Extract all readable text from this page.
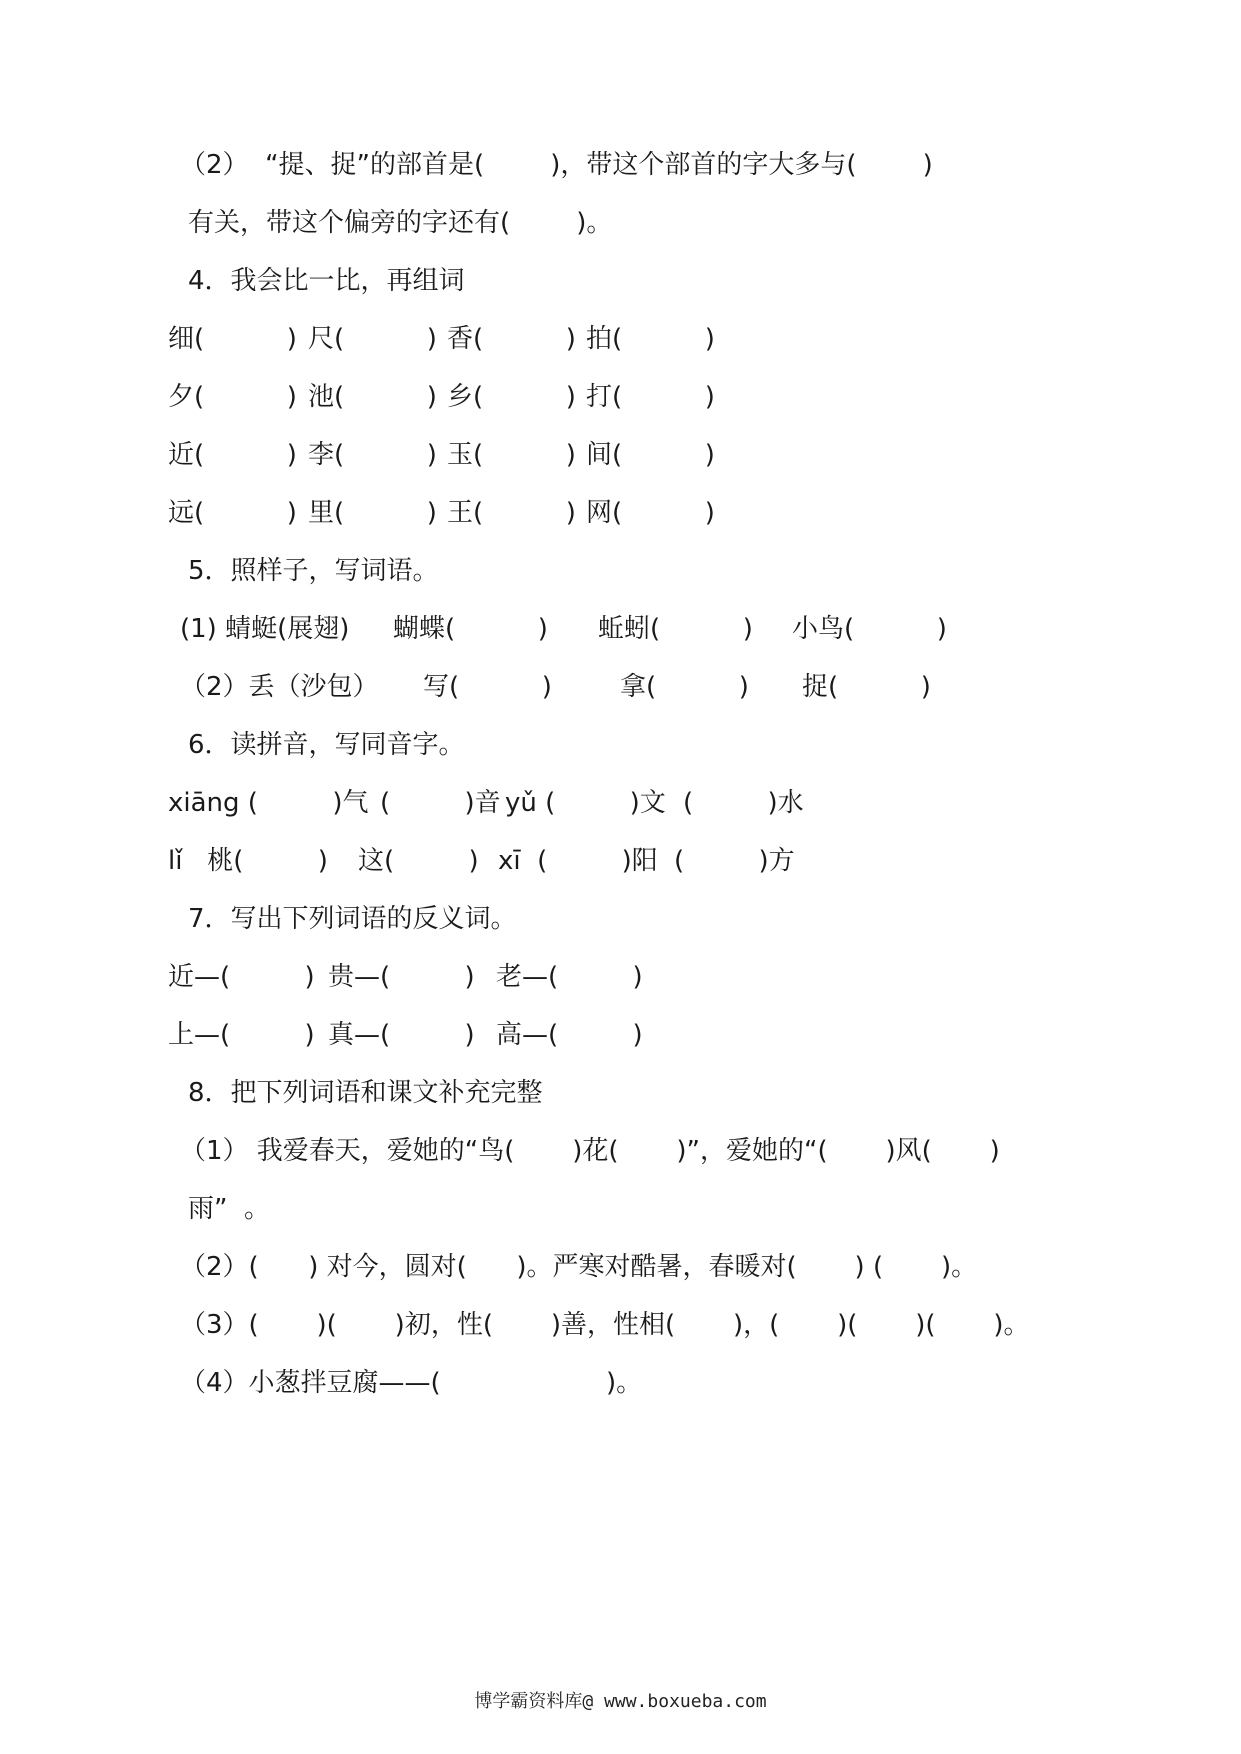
（2）  “提、捉”的部首是(        )，带这个部首的字大多与(        )
有关，带这个偏旁的字还有(        )。
4．我会比一比，再组词
细(          ) 尺(          ) 香(          ) 拍(          )
夕(          ) 池(          ) 乡(          ) 打(          )
近(          ) 李(          ) 玉(          ) 间(          )
远(          ) 里(          ) 王(          ) 网(          )
5．照样子，写词语。
(1) 蜻蜓(展翅) 蝴蝶(          ) 蚯蚓(          ) 小鸟(          )
（2）丢（沙包） 写(          )	拿(          ) 捉(          )
6．读拼音，写同音字。
xiāng (         )气 (         )音 yǔ (         )文 (         )水
lǐ   桃(         ) 这(         ) xī  (         )阳 (         )方
7．写出下列词语的反义词。
近—(         ) 贵—(         ) 老—(         )
上—(         ) 真—(         ) 高—(         )
8．把下列词语和课文补充完整
（1） 我爱春天，爱她的“鸟(       )花(       )”，爱她的“(       )风(       )
雨”  。
（2）(      ) 对今，圆对(      )。严寒对酷暑，春暖对(       ) (       )。
（3）(       )(       )初，性(       )善，性相(       )，(       )(       )(       )。
（4）小葱拌豆腐——(                    )。
博学霸资料库@ www.boxueba.com
